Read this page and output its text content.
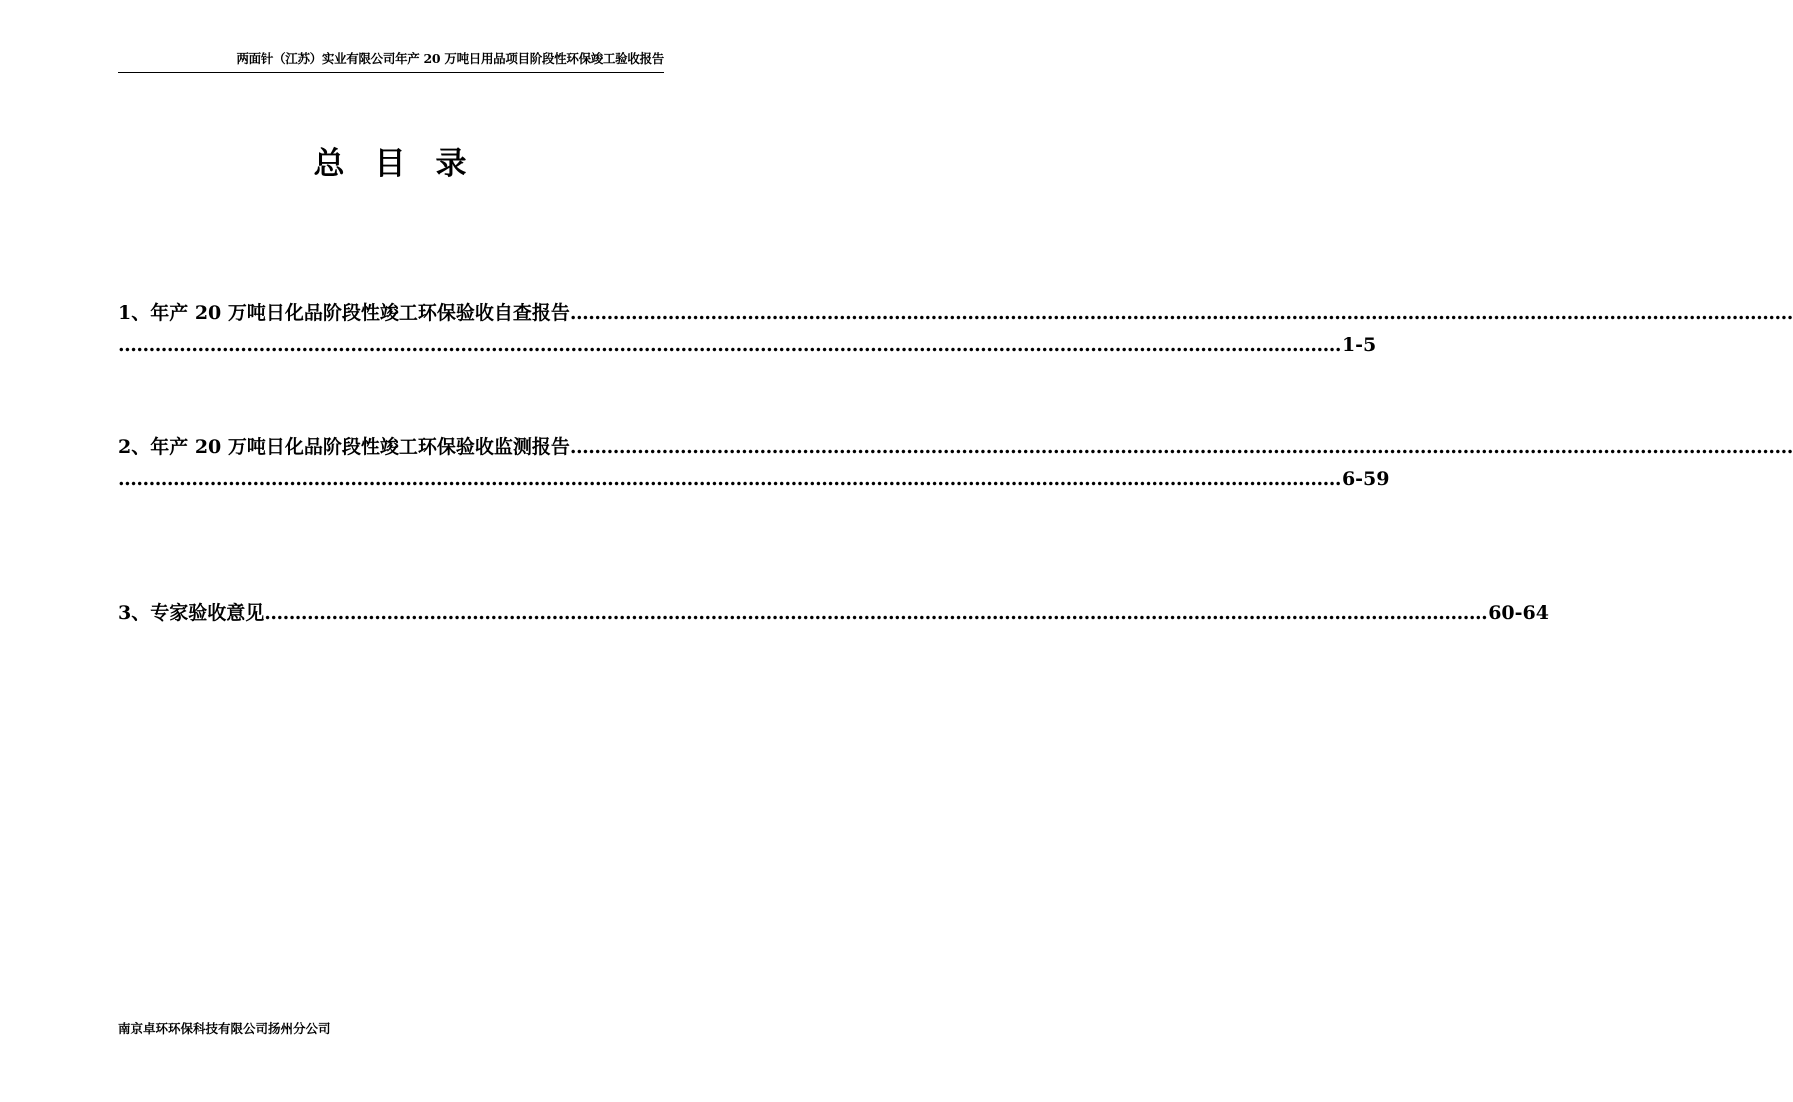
两面针（江苏）实业有限公司年产 20 万吨日用品项目阶段性环保竣工验收报告
总目录
1、年产 20 万吨日化品阶段性竣工环保验收自查报告 ........................................................................................................................................................................................................
........................................................................................................................................................................................................ 1-5
2、年产 20 万吨日化品阶段性竣工环保验收监测报告 ........................................................................................................................................................................................................
........................................................................................................................................................................................................ 6-59
3、专家验收意见 ........................................................................................................................................................................................................ 60-64
南京卓环环保科技有限公司扬州分公司
